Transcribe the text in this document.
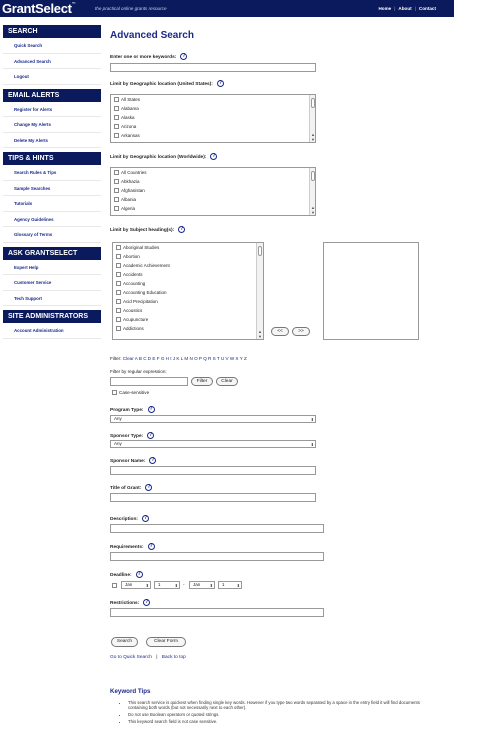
GrantSelect™
the practical online grants resource	Home | About | Contact
SEARCH
Quick Search
Advanced Search
Logout
EMAIL ALERTS
Register for Alerts
Change My Alerts
Delete My Alerts
TIPS & HINTS
Search Rules & Tips
Sample Searches
Tutorials
Agency Guidelines
Glossary of Terms
ASK GRANTSELECT
Expert Help
Customer Service
Tech Support
SITE ADMINISTRATORS
Account Administration
Advanced Search
Enter one or more keywords: ?
Limit by Geographic location (United States): ?
All States
Alabama
Alaska
Arizona
Arkansas	▲
▼
Limit by Geographic location (Worldwide): ?
All Countries
Abkhazia
Afghanistan
Albania
Algeria	▲
▼
Limit by Subject heading(s): ?
Aboriginal Studies
Abortion
Academic Achievement
Accidents
Accounting
Accounting Education
Acid Precipitation
Acoustics
Acupuncture
Addictions
▲
▼
<<	>>
Filter: Clear A B C D E F G H I J K L M N O P Q R S T U V W X Y Z
Filter by regular expression:
Filter	Clear
Case-sensitive
Program Type: ?
Any	⬍
Sponsor Type: ?
Any	⬍
Sponsor Name: ?
Title of Grant: ?
Description: ?
Requirements: ?
Deadline: ?
Jan	⬍	1	⬍ -	Jan ⬍	1	⬍
Restrictions: ?
Search	Clear Form
Go to Quick Search | Back to top
Keyword Tips
• This search service is quickest when finding single key words. However if you type two words separated by a space in the entry field it will find documents containing both words (but not necessarily next to each other).
• Do not use Boolean operators or quoted strings.
• This keyword search field is not case sensitive.
